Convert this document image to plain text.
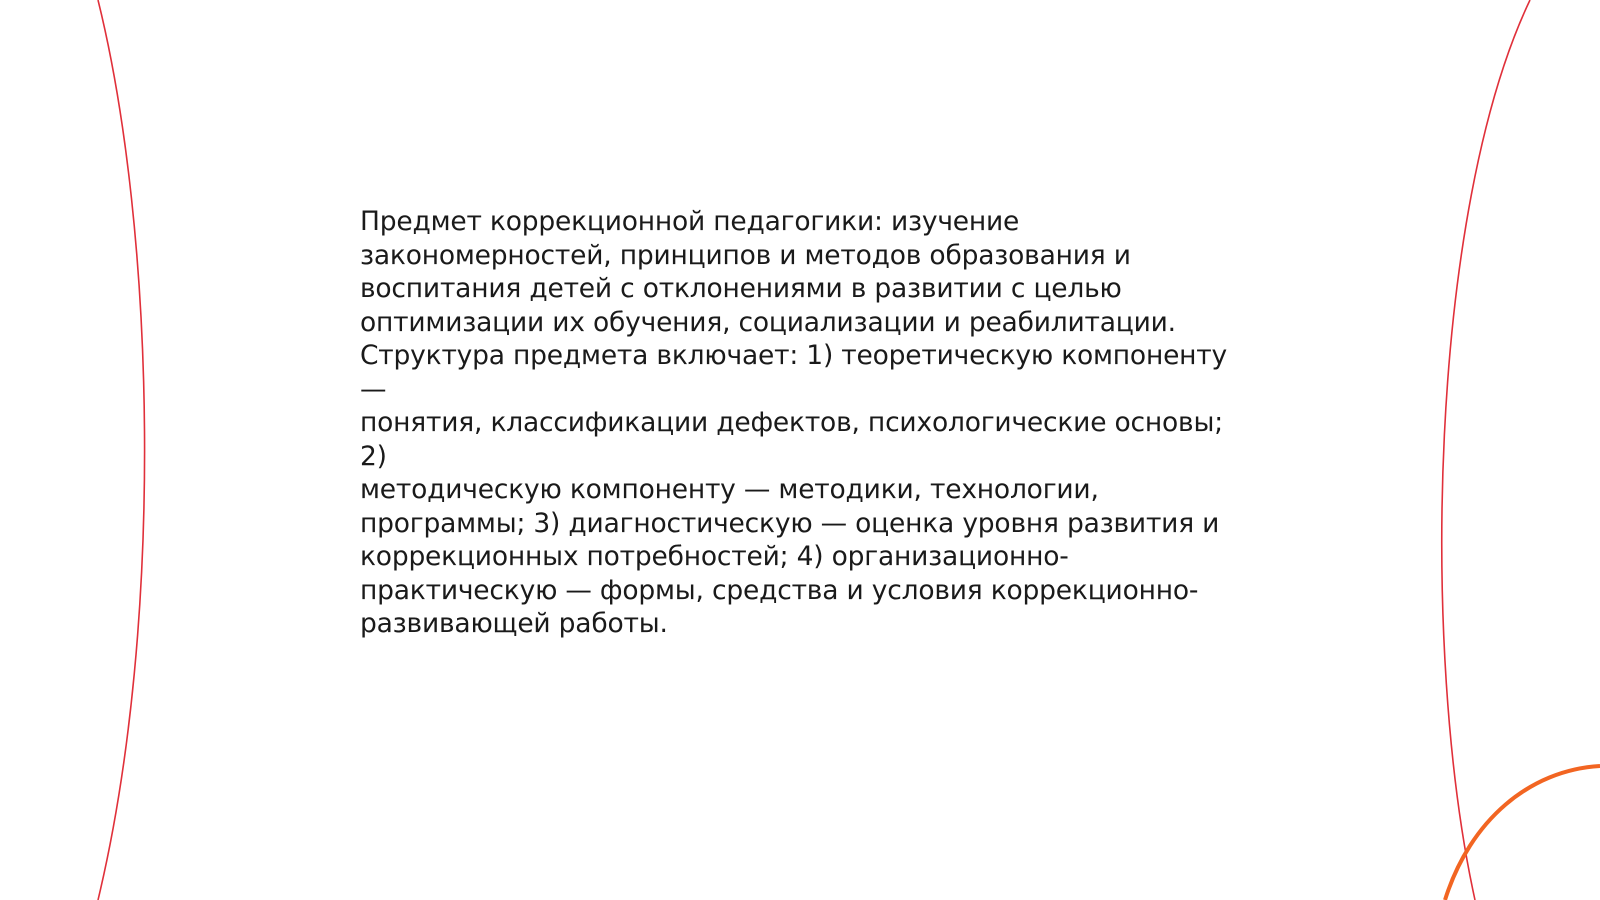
Предмет коррекционной педагогики: изучение
закономерностей, принципов и методов образования и
воспитания детей с отклонениями в развитии с целью
оптимизации их обучения, социализации и реабилитации.
Структура предмета включает: 1) теоретическую компоненту —
понятия, классификации дефектов, психологические основы; 2)
методическую компоненту — методики, технологии,
программы; 3) диагностическую — оценка уровня развития и
коррекционных потребностей; 4) организационно-
практическую — формы, средства и условия коррекционно-
развивающей работы.
